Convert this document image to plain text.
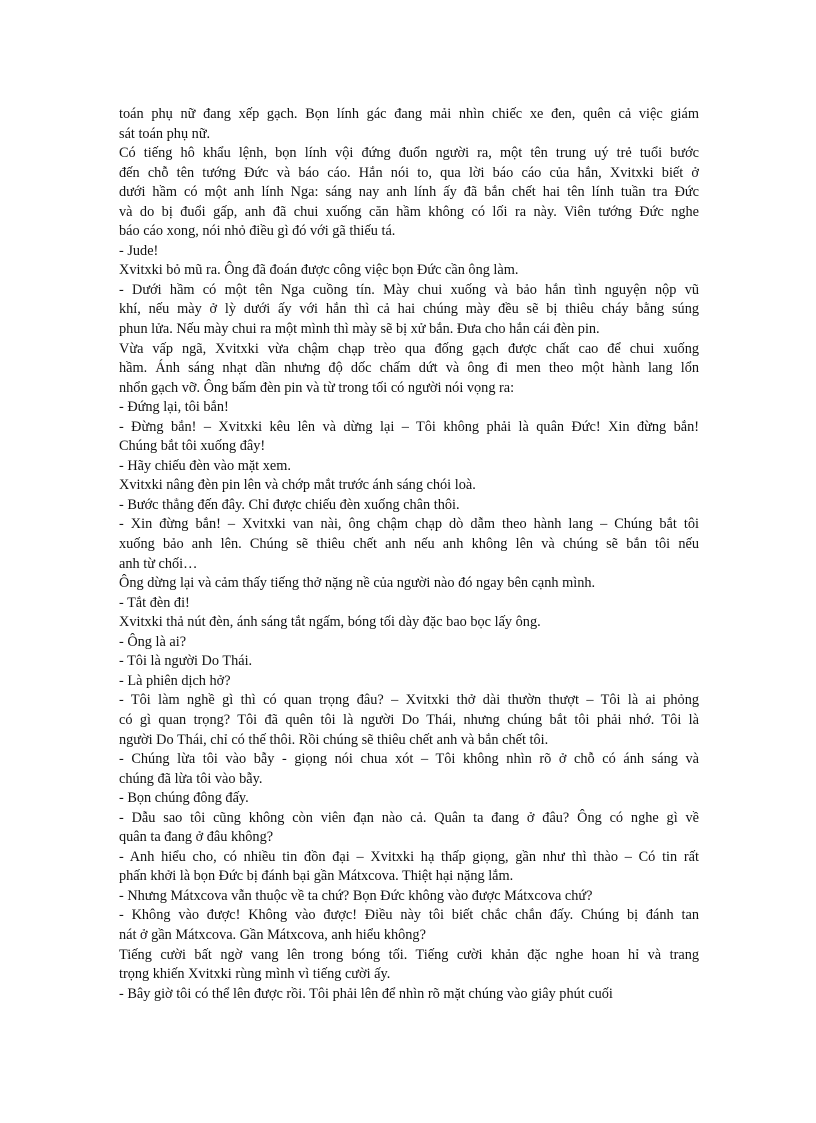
toán phụ nữ đang xếp gạch. Bọn lính gác đang mải nhìn chiếc xe đen, quên cả việc giám
sát toán phụ nữ.
Có tiếng hô khẩu lệnh, bọn lính vội đứng đuổn người ra, một tên trung uý trẻ tuổi bước
đến chỗ tên tướng Đức và báo cáo. Hắn nói to, qua lời báo cáo của hắn, Xvitxki biết ở
dưới hầm có một anh lính Nga: sáng nay anh lính ấy đã bắn chết hai tên lính tuần tra Đức
và do bị đuổi gấp, anh đã chui xuống căn hầm không có lối ra này. Viên tướng Đức nghe
báo cáo xong, nói nhỏ điều gì đó với gã thiếu tá.
- Jude!
Xvitxki bỏ mũ ra. Ông đã đoán được công việc bọn Đức cần ông làm.
- Dưới hầm có một tên Nga cuồng tín. Mày chui xuống và bảo hắn tình nguyện nộp vũ
khí, nếu mày ở lỳ dưới ấy với hắn thì cả hai chúng mày đều sẽ bị thiêu cháy bằng súng
phun lửa. Nếu mày chui ra một mình thì mày sẽ bị xử bắn. Đưa cho hắn cái đèn pin.
Vừa vấp ngã, Xvitxki vừa chậm chạp trèo qua đống gạch được chất cao để chui xuống
hầm. Ánh sáng nhạt dần nhưng độ dốc chấm dứt và ông đi men theo một hành lang lổn
nhổn gạch vỡ. Ông bấm đèn pin và từ trong tối có người nói vọng ra:
- Đứng lại, tôi bắn!
- Đừng bắn! – Xvitxki kêu lên và dừng lại – Tôi không phải là quân Đức! Xin đừng bắn!
Chúng bắt tôi xuống đây!
- Hãy chiếu đèn vào mặt xem.
Xvitxki nâng đèn pin lên và chớp mắt trước ánh sáng chói loà.
- Bước thẳng đến đây. Chỉ được chiếu đèn xuống chân thôi.
- Xin đừng bắn! – Xvitxki van nài, ông chậm chạp dò dẫm theo hành lang – Chúng bắt tôi
xuống bảo anh lên. Chúng sẽ thiêu chết anh nếu anh không lên và chúng sẽ bắn tôi nếu
anh từ chối…
Ông dừng lại và cảm thấy tiếng thở nặng nề của người nào đó ngay bên cạnh mình.
- Tắt đèn đi!
Xvitxki thả nút đèn, ánh sáng tắt ngấm, bóng tối dày đặc bao bọc lấy ông.
- Ông là ai?
- Tôi là người Do Thái.
- Là phiên dịch hở?
- Tôi làm nghề gì thì có quan trọng đâu? – Xvitxki thở dài thườn thượt – Tôi là ai phỏng
có gì quan trọng? Tôi đã quên tôi là người Do Thái, nhưng chúng bắt tôi phải nhớ. Tôi là
người Do Thái, chỉ có thế thôi. Rồi chúng sẽ thiêu chết anh và bắn chết tôi.
- Chúng lừa tôi vào bẫy - giọng nói chua xót – Tôi không nhìn rõ ở chỗ có ánh sáng và
chúng đã lừa tôi vào bẫy.
- Bọn chúng đông đấy.
- Dẫu sao tôi cũng không còn viên đạn nào cả. Quân ta đang ở đâu? Ông có nghe gì về
quân ta đang ở đâu không?
- Anh hiểu cho, có nhiều tin đồn đại – Xvitxki hạ thấp giọng, gần như thì thào – Có tin rất
phấn khởi là bọn Đức bị đánh bại gần Mátxcova. Thiệt hại nặng lắm.
- Nhưng Mátxcova vẫn thuộc về ta chứ? Bọn Đức không vào được Mátxcova chứ?
- Không vào được! Không vào được! Điều này tôi biết chắc chắn đấy. Chúng bị đánh tan
nát ở gần Mátxcova. Gần Mátxcova, anh hiểu không?
Tiếng cười bất ngờ vang lên trong bóng tối. Tiếng cười khản đặc nghe hoan hỉ và trang
trọng khiến Xvitxki rùng mình vì tiếng cười ấy.
- Bây giờ tôi có thể lên được rồi. Tôi phải lên để nhìn rõ mặt chúng vào giây phút cuối
